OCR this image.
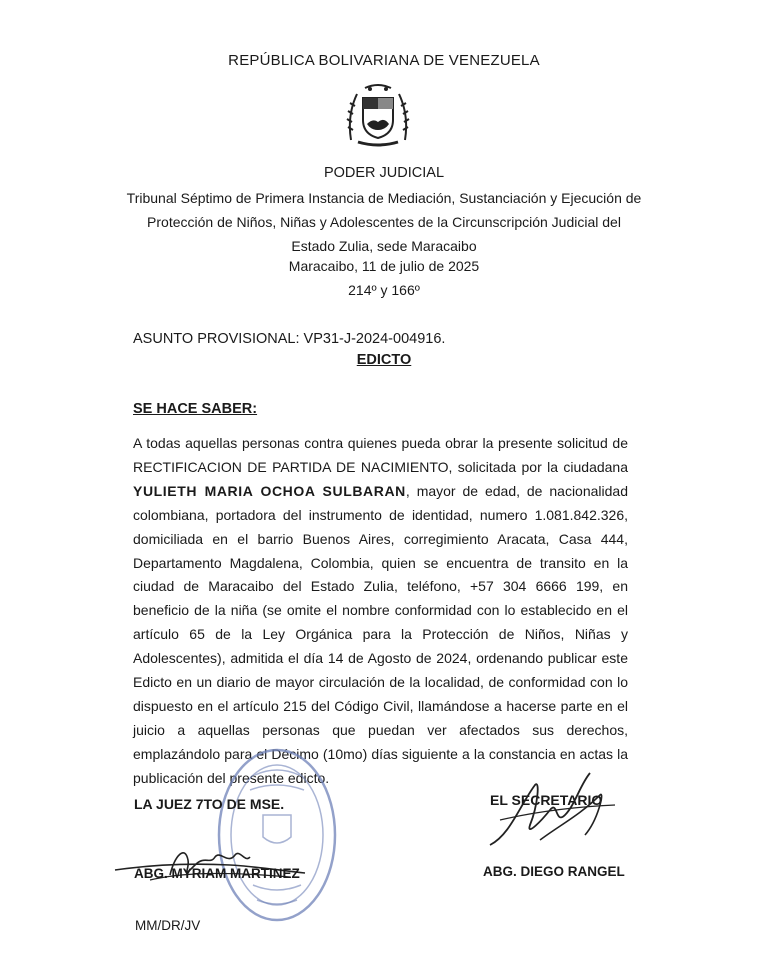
REPÚBLICA BOLIVARIANA DE VENEZUELA
PODER JUDICIAL
Tribunal Séptimo de Primera Instancia de Mediación, Sustanciación y Ejecución de
Protección de Niños, Niñas y Adolescentes de la Circunscripción Judicial del
Estado Zulia, sede Maracaibo
Maracaibo, 11 de julio de 2025
214º y 166º
ASUNTO PROVISIONAL: VP31-J-2024-004916.
EDICTO
SE HACE SABER:
A todas aquellas personas contra quienes pueda obrar la presente solicitud de RECTIFICACION DE PARTIDA DE NACIMIENTO, solicitada por la ciudadana YULIETH MARIA OCHOA SULBARAN, mayor de edad, de nacionalidad colombiana, portadora del instrumento de identidad, numero 1.081.842.326, domiciliada en el barrio Buenos Aires, corregimiento Aracata, Casa 444, Departamento Magdalena, Colombia, quien se encuentra de transito en la ciudad de Maracaibo del Estado Zulia, teléfono, +57 304 6666 199, en beneficio de la niña (se omite el nombre conformidad con lo establecido en el artículo 65 de la Ley Orgánica para la Protección de Niños, Niñas y Adolescentes), admitida el día 14 de Agosto de 2024, ordenando publicar este Edicto en un diario de mayor circulación de la localidad, de conformidad con lo dispuesto en el artículo 215 del Código Civil, llamándose a hacerse parte en el juicio a aquellas personas que puedan ver afectados sus derechos, emplazándolo para el Décimo (10mo) días siguiente a la constancia en actas la publicación del presente edicto.
LA JUEZ 7TO DE MSE.	EL SECRETARIO
ABG. MYRIAM MARTINEZ	ABG. DIEGO RANGEL
MM/DR/JV
